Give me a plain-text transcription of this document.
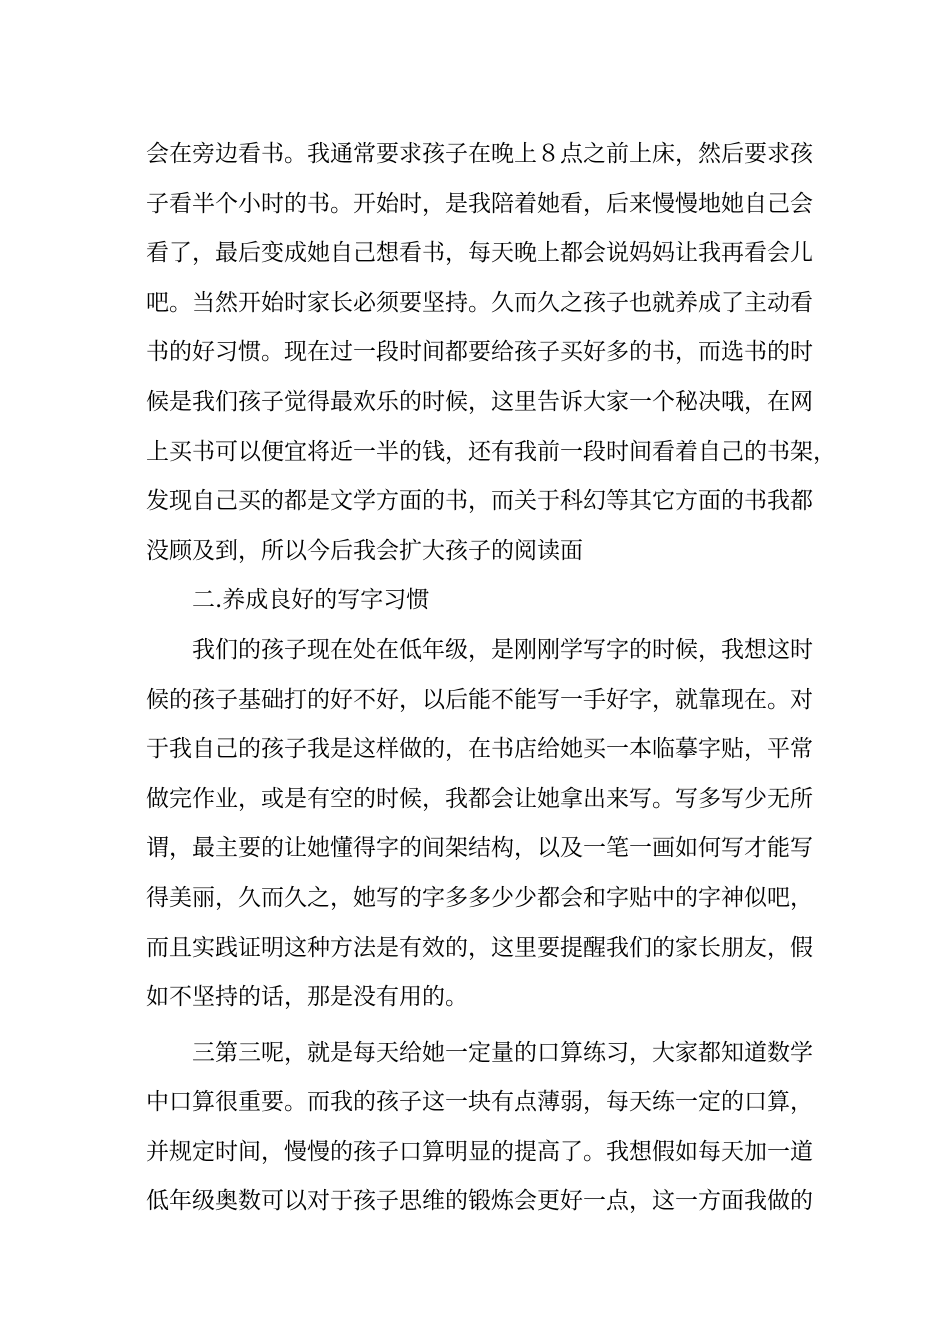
会在旁边看书。我通常要求孩子在晚上８点之前上床，然后要求孩
子看半个小时的书。开始时，是我陪着她看，后来慢慢地她自己会
看了，最后变成她自己想看书，每天晚上都会说妈妈让我再看会儿
吧。当然开始时家长必须要坚持。久而久之孩子也就养成了主动看
书的好习惯。现在过一段时间都要给孩子买好多的书，而选书的时
候是我们孩子觉得最欢乐的时候，这里告诉大家一个秘决哦，在网
上买书可以便宜将近一半的钱，还有我前一段时间看着自己的书架，
发现自己买的都是文学方面的书，而关于科幻等其它方面的书我都
没顾及到，所以今后我会扩大孩子的阅读面
二.养成良好的写字习惯
我们的孩子现在处在低年级，是刚刚学写字的时候，我想这时
候的孩子基础打的好不好，以后能不能写一手好字，就靠现在。对
于我自己的孩子我是这样做的，在书店给她买一本临摹字贴，平常
做完作业，或是有空的时候，我都会让她拿出来写。写多写少无所
谓，最主要的让她懂得字的间架结构，以及一笔一画如何写才能写
得美丽，久而久之，她写的字多多少少都会和字贴中的字神似吧，
而且实践证明这种方法是有效的，这里要提醒我们的家长朋友，假
如不坚持的话，那是没有用的。
三第三呢，就是每天给她一定量的口算练习，大家都知道数学
中口算很重要。而我的孩子这一块有点薄弱，每天练一定的口算，
并规定时间，慢慢的孩子口算明显的提高了。我想假如每天加一道
低年级奥数可以对于孩子思维的锻炼会更好一点，这一方面我做的
